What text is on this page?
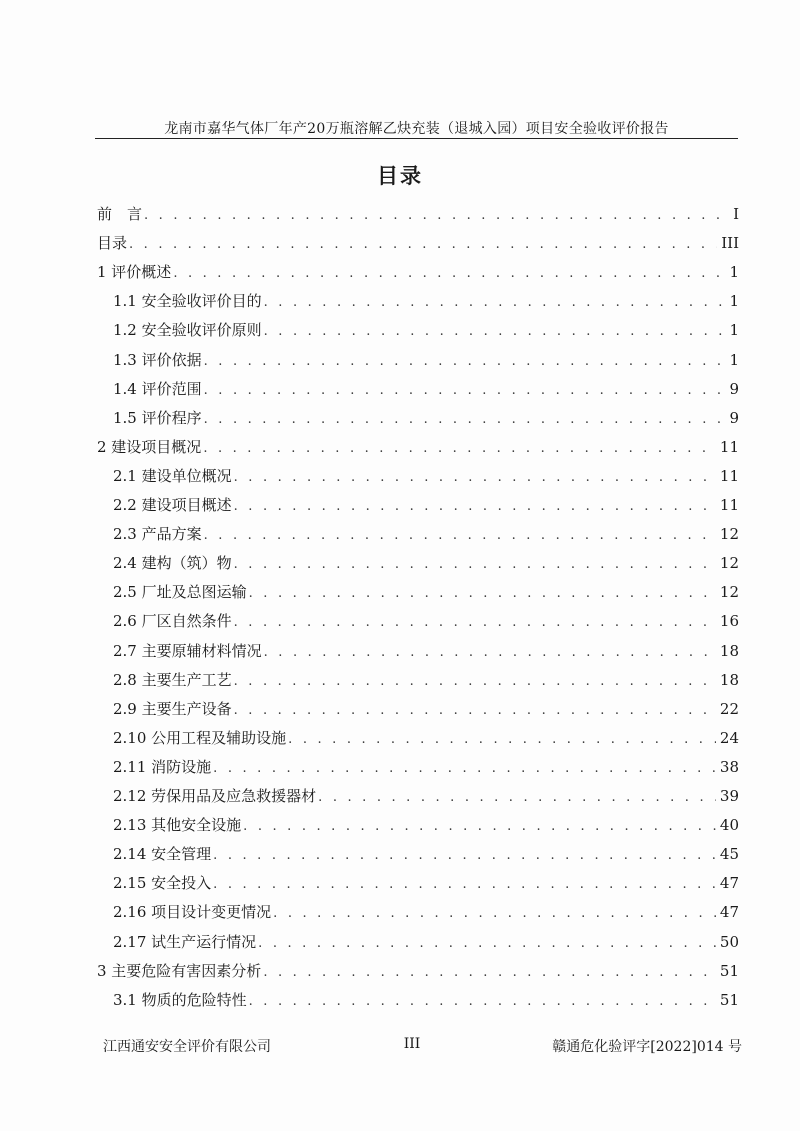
龙南市嘉华气体厂年产20万瓶溶解乙炔充装（退城入园）项目安全验收评价报告
目录
前　言 . . .	I
目录 . . .	III
1 评价概述 . . .	1
1.1 安全验收评价目的 . . .	1
1.2 安全验收评价原则 . . .	1
1.3 评价依据 . . .	1
1.4 评价范围 . . .	9
1.5 评价程序 . . .	9
2 建设项目概况 . . .	11
2.1 建设单位概况 . . .	11
2.2 建设项目概述 . . .	11
2.3 产品方案 . . .	12
2.4 建构（筑）物 . . .	12
2.5 厂址及总图运输 . . .	12
2.6 厂区自然条件 . . .	16
2.7 主要原辅材料情况 . . .	18
2.8 主要生产工艺 . . .	18
2.9 主要生产设备 . . .	22
2.10 公用工程及辅助设施 . . .	24
2.11 消防设施 . . .	38
2.12 劳保用品及应急救援器材 . . .	39
2.13 其他安全设施 . . .	40
2.14 安全管理 . . .	45
2.15 安全投入 . . .	47
2.16 项目设计变更情况 . . .	47
2.17 试生产运行情况 . . .	50
3 主要危险有害因素分析 . . .	51
3.1 物质的危险特性 . . .	51
江西通安安全评价有限公司	III	赣通危化验评字[2022]014 号
